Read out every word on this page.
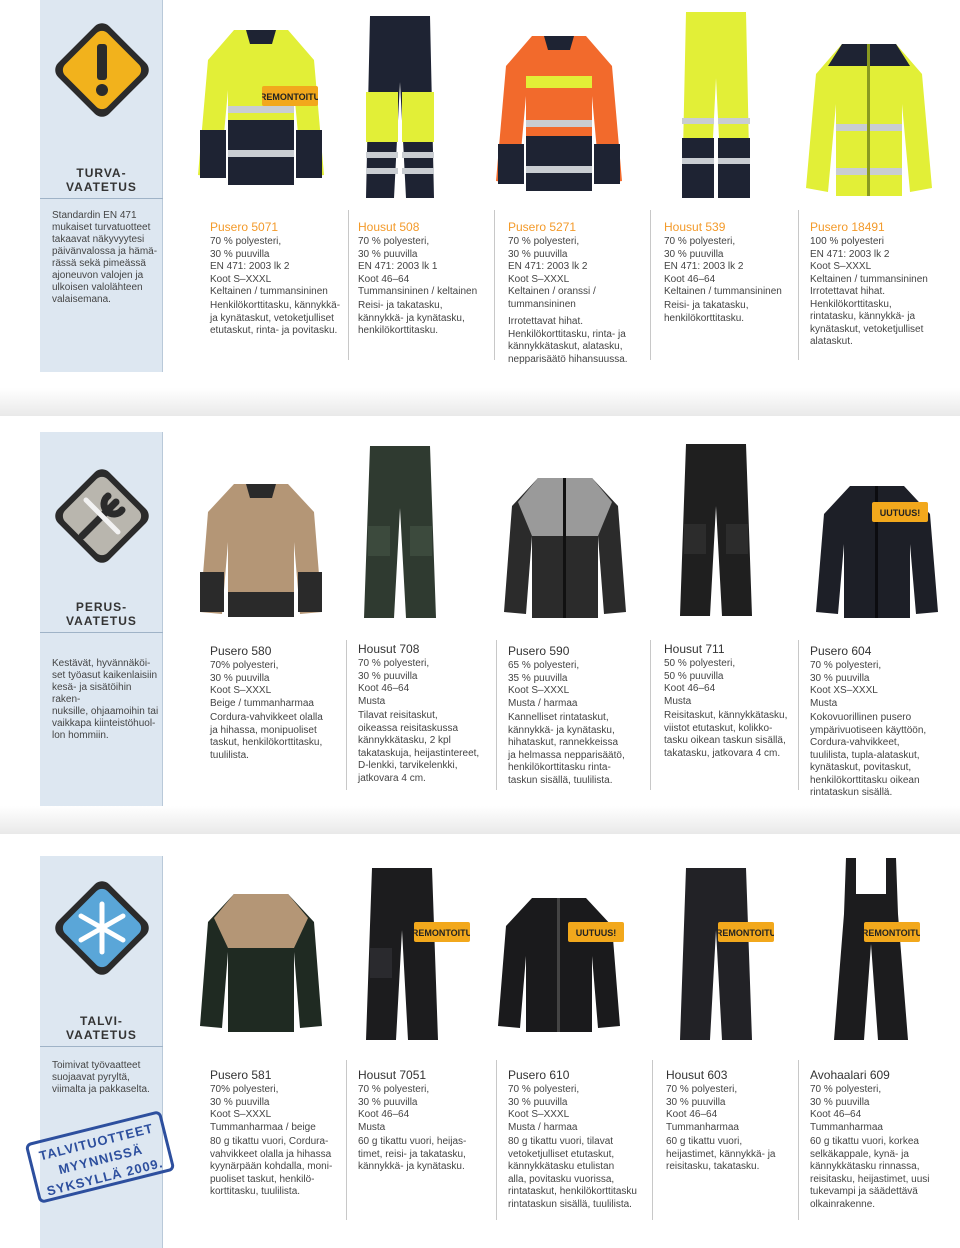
TURVA-
VAATETUS
Standardin EN 471
mukaiset turvatuotteet
takaavat näkyvyytesi
päivänvalossa ja hämä-
rässä sekä pimeässä
ajoneuvon valojen ja
ulkoisen valolähteen
valaisemana.
REMONTOITU
Pusero 5071
70 % polyesteri,
30 % puuvilla
EN 471: 2003 lk 2
Koot S–XXXL
Keltainen / tummansininen
Henkilökorttitasku, kännykkä-
ja kynätaskut, vetoketjulliset
etutaskut, rinta- ja povitasku.
Housut 508
70 % polyesteri,
30 % puuvilla
EN 471: 2003 lk 1
Koot 46–64
Tummansininen / keltainen
Reisi- ja takatasku,
kännykkä- ja kynätasku,
henkilökorttitasku.
Pusero 5271
70 % polyesteri,
30 % puuvilla
EN 471: 2003 lk 2
Koot S–XXXL
Keltainen / oranssi /
tummansininen
Irrotettavat hihat.
Henkilökorttitasku, rinta- ja
kännykkätaskut, alatasku,
nepparisäätö hihansuussa.
Housut 539
70 % polyesteri,
30 % puuvilla
EN 471: 2003 lk 2
Koot 46–64
Keltainen / tummansininen
Reisi- ja takatasku,
henkilökorttitasku.
Pusero 18491
100 % polyesteri
EN 471: 2003 lk 2
Koot S–XXXL
Keltainen / tummansininen
Irrotettavat hihat.
Henkilökorttitasku,
rintatasku, kännykkä- ja
kynätaskut, vetoketjulliset
alataskut.
PERUS-
VAATETUS
Kestävät, hyvännäköi-
set työasut kaikenlaisiin
kesä- ja sisätöihin raken-
nuksille, ohjaamoihin tai
vaikkapa kiinteistöhuol-
lon hommiin.
Pusero 580
70% polyesteri,
30 % puuvilla
Koot S–XXXL
Beige / tummanharmaa
Cordura-vahvikkeet olalla
ja hihassa, monipuoliset
taskut, henkilökorttitasku,
tuulilista.
Housut 708
70 % polyesteri,
30 % puuvilla
Koot 46–64
Musta
Tilavat reisitaskut,
oikeassa reisitaskussa
kännykkätasku, 2 kpl
takataskuja, heijastintereet,
D-lenkki, tarvikelenkki,
jatkovara 4 cm.
Pusero 590
65 % polyesteri,
35 % puuvilla
Koot S–XXXL
Musta / harmaa
Kannelliset rintataskut,
kännykkä- ja kynätasku,
hihataskut, rannekkeissa
ja helmassa nepparisäätö,
henkilökorttitasku rinta-
taskun sisällä, tuulilista.
Housut 711
50 % polyesteri,
50 % puuvilla
Koot 46–64
Musta
Reisitaskut, kännykkätasku,
viistot etutaskut, kolikko-
tasku oikean taskun sisällä,
takatasku, jatkovara 4 cm.
UUTUUS!
Pusero 604
70 % polyesteri,
30 % puuvilla
Koot XS–XXXL
Musta
Kokovuorillinen pusero
ympärivuotiseen käyttöön,
Cordura-vahvikkeet,
tuulilista, tupla-alataskut,
kynätaskut, povitaskut,
henkilökorttitasku oikean
rintataskun sisällä.
TALVI-
VAATETUS
Toimivat työvaatteet
suojaavat pyryltä,
viimalta ja pakkaselta.
Pusero 581
70% polyesteri,
30 % puuvilla
Koot S–XXXL
Tummanharmaa / beige
80 g tikattu vuori, Cordura-
vahvikkeet olalla ja hihassa
kyynärpään kohdalla, moni-
puoliset taskut, henkilö-
korttitasku, tuulilista.
REMONTOITU
Housut 7051
70 % polyesteri,
30 % puuvilla
Koot 46–64
Musta
60 g tikattu vuori, heijas-
timet, reisi- ja takatasku,
kännykkä- ja kynätasku.
UUTUUS!
Pusero 610
70 % polyesteri,
30 % puuvilla
Koot S–XXXL
Musta / harmaa
80 g tikattu vuori, tilavat
vetoketjulliset etutaskut,
kännykkätasku etulistan
alla, povitasku vuorissa,
rintataskut, henkilökorttitasku
rintataskun sisällä, tuulilista.
REMONTOITU
Housut 603
70 % polyesteri,
30 % puuvilla
Koot 46–64
Tummanharmaa
60 g tikattu vuori,
heijastimet, kännykkä- ja
reisitasku, takatasku.
REMONTOITU
Avohaalari 609
70 % polyesteri,
30 % puuvilla
Koot 46–64
Tummanharmaa
60 g tikattu vuori, korkea
selkäkappale, kynä- ja
kännykkätasku rinnassa,
reisitasku, heijastimet, uusi
tukevampi ja säädettävä
olkainrakenne.
TALVITUOTTEET
MYYNNISSÄ
SYKSYLLÄ 2009.
